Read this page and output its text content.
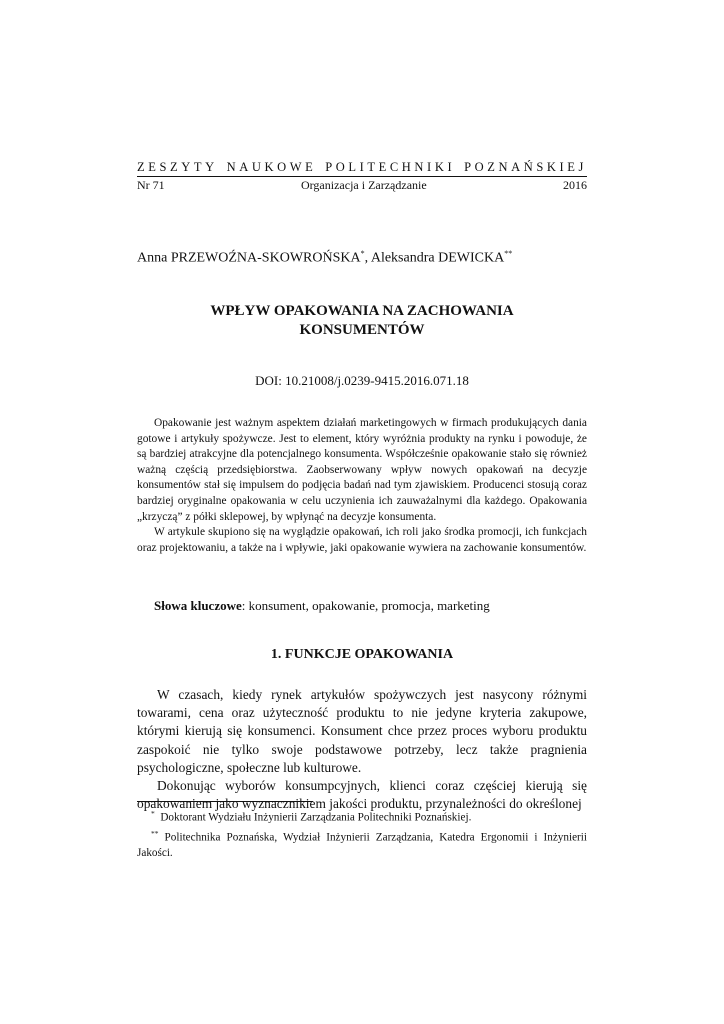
ZESZYTY NAUKOWE POLITECHNIKI POZNAŃSKIEJ
Nr 71	Organizacja i Zarządzanie	2016
Anna PRZEWOŹNA-SKOWROŃSKA*, Aleksandra DEWICKA**
WPŁYW OPAKOWANIA NA ZACHOWANIA
KONSUMENTÓW
DOI: 10.21008/j.0239-9415.2016.071.18

Opakowanie jest ważnym aspektem działań marketingowych w firmach produkujących dania gotowe i artykuły spożywcze. Jest to element, który wyróżnia produkty na rynku i powoduje, że są bardziej atrakcyjne dla potencjalnego konsumenta. Współcześnie opakowanie stało się również ważną częścią przedsiębiorstwa. Zaobserwowany wpływ nowych opakowań na decyzje konsumentów stał się impulsem do podjęcia badań nad tym zjawiskiem. Producenci stosują coraz bardziej oryginalne opakowania w celu uczynienia ich zauważalnymi dla każdego. Opakowania „krzyczą” z półki sklepowej, by wpłynąć na decyzje konsumenta.

W artykule skupiono się na wyglądzie opakowań, ich roli jako środka promocji, ich funkcjach oraz projektowaniu, a także na i wpływie, jaki opakowanie wywiera na zachowanie konsumentów.

Słowa kluczowe: konsument, opakowanie, promocja, marketing
1. FUNKCJE OPAKOWANIA

W czasach, kiedy rynek artykułów spożywczych jest nasycony różnymi towarami, cena oraz użyteczność produktu to nie jedyne kryteria zakupowe, którymi kierują się konsumenci. Konsument chce przez proces wyboru produktu zaspokoić nie tylko swoje podstawowe potrzeby, lecz także pragnienia psychologiczne, społeczne lub kulturowe.

Dokonując wyborów konsumpcyjnych, klienci coraz częściej kierują się opakowaniem jako wyznacznikiem jakości produktu, przynależności do określonej

* Doktorant Wydziału Inżynierii Zarządzania Politechniki Poznańskiej.

** Politechnika Poznańska, Wydział Inżynierii Zarządzania, Katedra Ergonomii i Inżynierii Jakości.
